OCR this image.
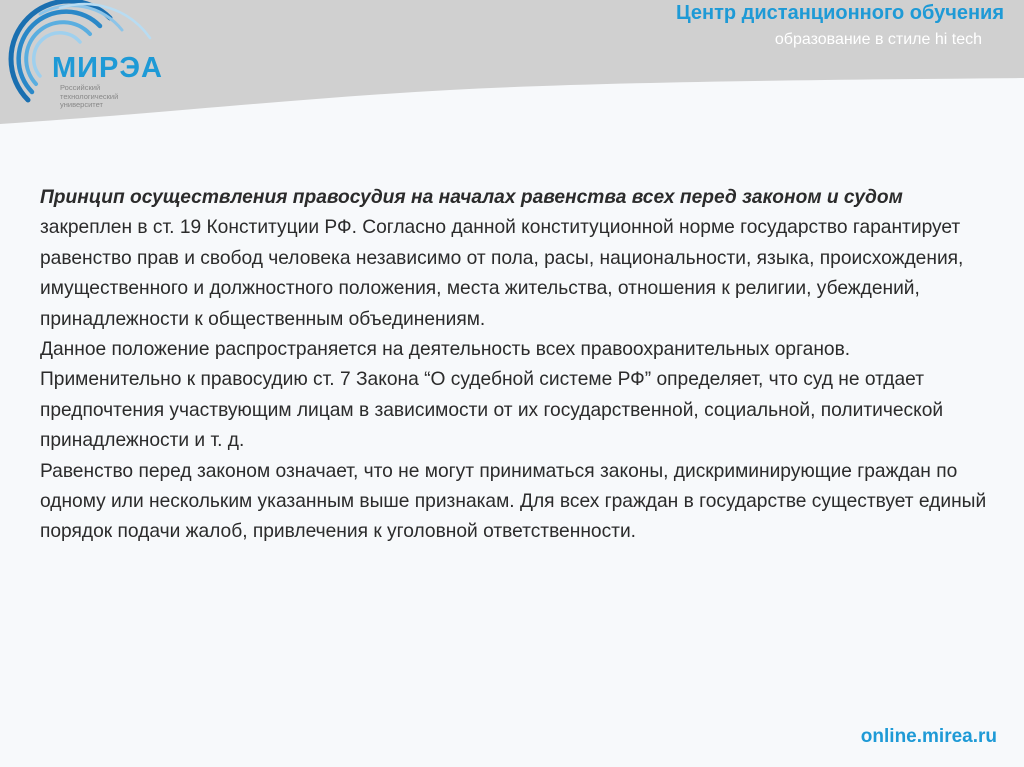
МИРЭА
Российский
технологический
университет
Центр дистанционного обучения
образование в стиле hi tech

Принцип осуществления правосудия на началах равенства всех перед законом и судом закреплен в ст. 19 Конституции РФ. Согласно данной конституционной норме государство гарантирует равенство прав и свобод человека независимо от пола, расы, национальности, языка, происхождения, имущественного и должностного положения, места жительства, отношения к религии, убеждений, принадлежности к общественным объединениям.

Данное положение распространяется на деятельность всех правоохранительных органов. Применительно к правосудию ст. 7 Закона “О судебной системе РФ” определяет, что суд не отдает предпочтения участвующим лицам в зависимости от их государственной, социальной, политической принадлежности и т. д.

Равенство перед законом означает, что не могут приниматься законы, дискриминирующие граждан по одному или нескольким указанным выше признакам. Для всех граждан в государстве существует единый порядок подачи жалоб, привлечения к уголовной ответственности.

online.mirea.ru
